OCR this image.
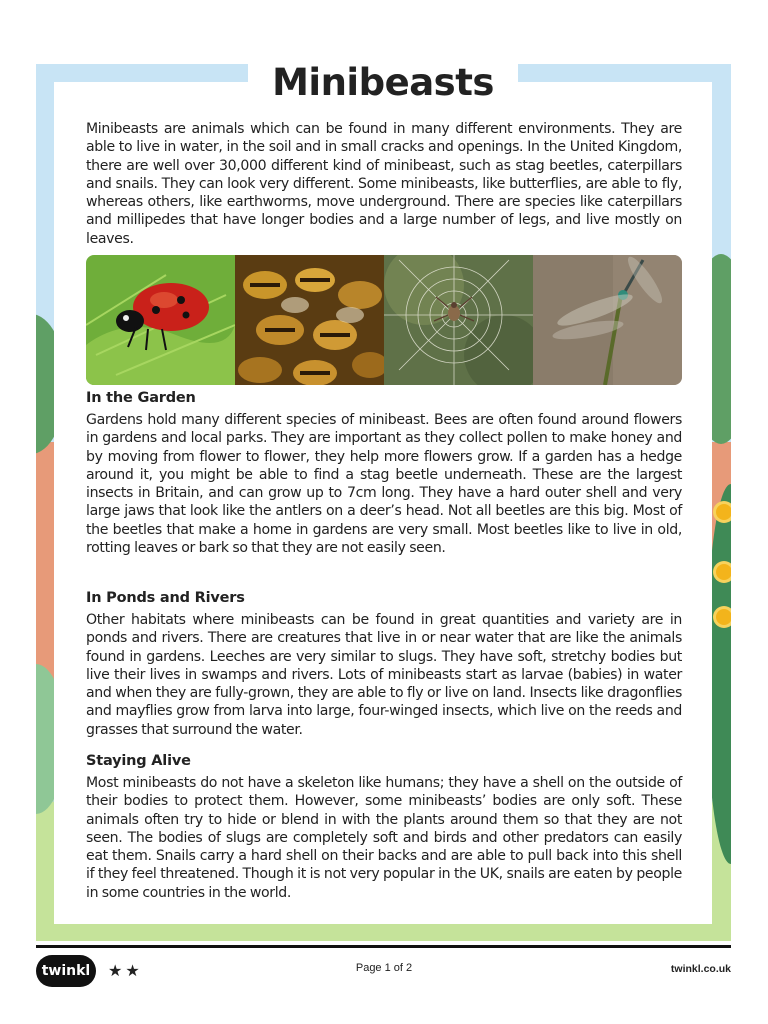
Minibeasts

Minibeasts are animals which can be found in many different environments. They are able to live in water, in the soil and in small cracks and openings. In the United Kingdom, there are well over 30,000 different kind of minibeast, such as stag beetles, caterpillars and snails. They can look very different. Some minibeasts, like butterflies, are able to fly, whereas others, like earthworms, move underground. There are species like caterpillars and millipedes that have longer bodies and a large number of legs, and live mostly on leaves.

In the Garden

Gardens hold many different species of minibeast. Bees are often found around flowers in gardens and local parks. They are important as they collect pollen to make honey and by moving from flower to flower, they help more flowers grow. If a garden has a hedge around it, you might be able to find a stag beetle underneath. These are the largest insects in Britain, and can grow up to 7cm long. They have a hard outer shell and very large jaws that look like the antlers on a deer’s head. Not all beetles are this big. Most of the beetles that make a home in gardens are very small. Most beetles like to live in old, rotting leaves or bark so that they are not easily seen.

In Ponds and Rivers

Other habitats where minibeasts can be found in great quantities and variety are in ponds and rivers. There are creatures that live in or near water that are like the animals found in gardens. Leeches are very similar to slugs. They have soft, stretchy bodies but live their lives in swamps and rivers. Lots of minibeasts start as larvae (babies) in water and when they are fully-grown, they are able to fly or live on land. Insects like dragonflies and mayflies grow from larva into large, four-winged insects, which live on the reeds and grasses that surround the water.

Staying Alive

Most minibeasts do not have a skeleton like humans; they have a shell on the outside of their bodies to protect them. However, some minibeasts’ bodies are only soft. These animals often try to hide or blend in with the plants around them so that they are not seen. The bodies of slugs are completely soft and birds and other predators can easily eat them. Snails carry a hard shell on their backs and are able to pull back into this shell if they feel threatened. Though it is not very popular in the UK, snails are eaten by people in some countries in the world.

twinkl	★★	Page 1 of 2	twinkl.co.uk
